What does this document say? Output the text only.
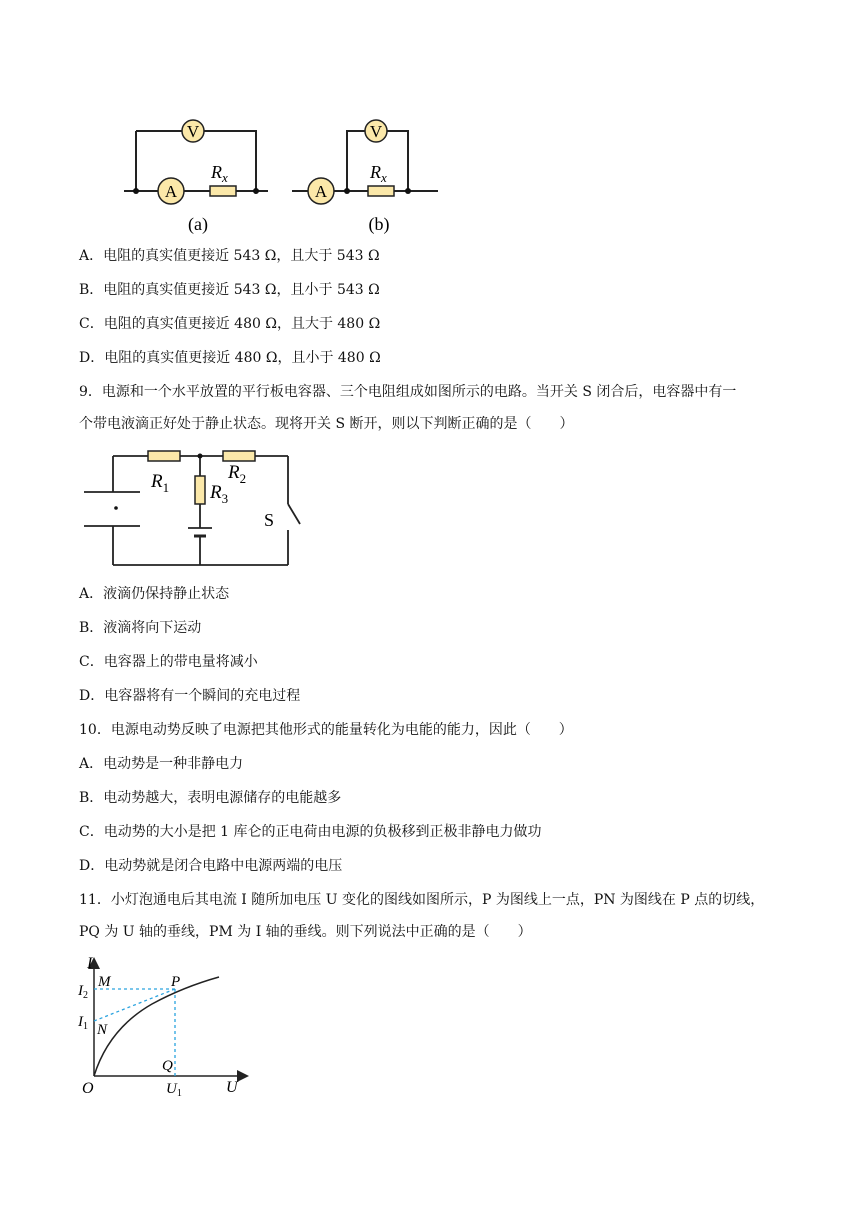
V
A
V
A
$R_x$	$R_x$
(a)	(b)
A．电阻的真实值更接近 543 Ω，且大于 543 Ω
B．电阻的真实值更接近 543 Ω，且小于 543 Ω
C．电阻的真实值更接近 480 Ω，且大于 480 Ω
D．电阻的真实值更接近 480 Ω，且小于 480 Ω
9．电源和一个水平放置的平行板电容器、三个电阻组成如图所示的电路。当开关 S 闭合后，电容器中有一
个带电液滴正好处于静止状态。现将开关 S 断开，则以下判断正确的是（　　）
$R_1$
$R_2$
$R_3$
S
A．液滴仍保持静止状态
B．液滴将向下运动
C．电容器上的带电量将减小
D．电容器将有一个瞬间的充电过程
10．电源电动势反映了电源把其他形式的能量转化为电能的能力，因此（　　）
A．电动势是一种非静电力
B．电动势越大，表明电源储存的电能越多
C．电动势的大小是把 1 库仑的正电荷由电源的负极移到正极非静电力做功
D．电动势就是闭合电路中电源两端的电压
11．小灯泡通电后其电流 I 随所加电压 U 变化的图线如图所示，P 为图线上一点，PN 为图线在 P 点的切线，
PQ 为 U 轴的垂线，PM 为 I 轴的垂线。则下列说法中正确的是（　　）
I
U
O
M	P
N
Q
$I_2$
$I_1$
$U_1$
